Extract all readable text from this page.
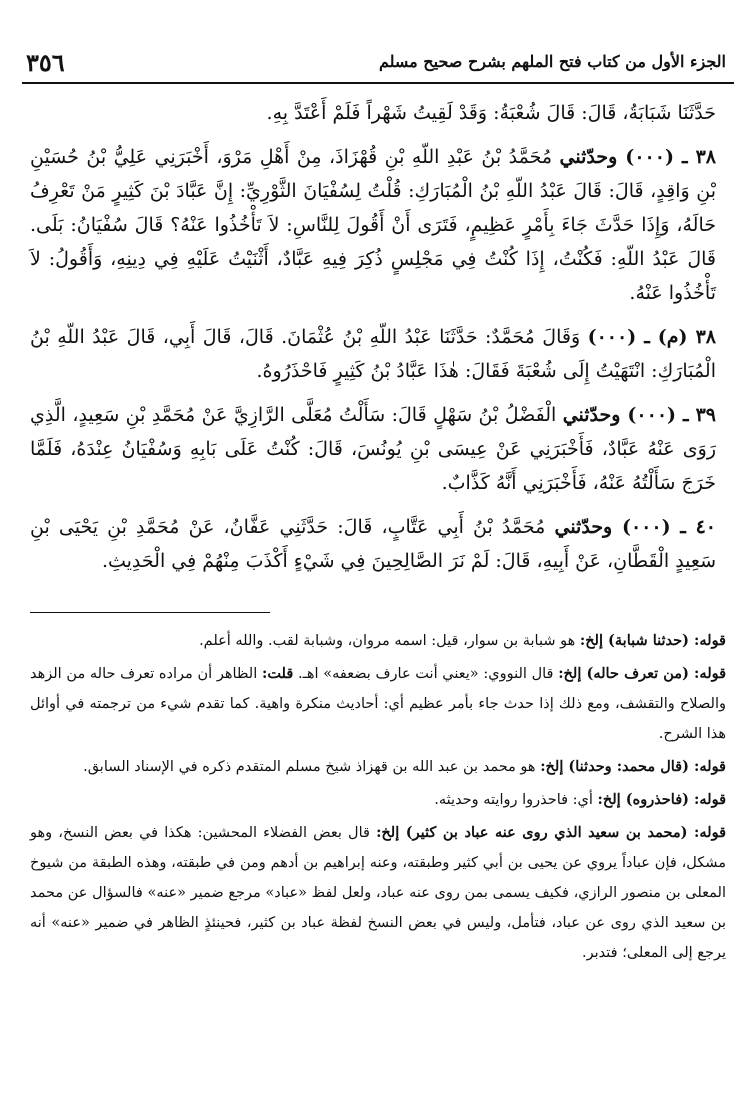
الجزء الأول من كتاب فتح الملهم بشرح صحيح مسلم
٣٥٦

حَدَّثَنَا شَبَابَةُ، قَالَ: قَالَ شُعْبَةُ: وَقَدْ لَقِيتُ شَهْراً فَلَمْ أَعْتَدَّ بِهِ.

٣٨ ـ (٠٠٠) وحدّثني مُحَمَّدُ بْنُ عَبْدِ اللّهِ بْنِ قُهْزَاذَ، مِنْ أَهْلِ مَرْوَ، أَخْبَرَنِي عَلِيُّ بْنُ حُسَيْنِ بْنِ وَاقِدٍ، قَالَ: قَالَ عَبْدُ اللّهِ بْنُ الْمُبَارَكِ: قُلْتُ لِسُفْيَانَ الثَّوْرِيِّ: إِنَّ عَبَّادَ بْنَ كَثِيرٍ مَنْ تَعْرِفُ حَالَهُ، وَإِذَا حَدَّثَ جَاءَ بِأَمْرٍ عَظِيمٍ، فَتَرَى أَنْ أَقُولَ لِلنَّاسِ: لاَ تَأْخُذُوا عَنْهُ؟ قَالَ سُفْيَانُ: بَلَى. قَالَ عَبْدُ اللّهِ: فَكُنْتُ، إِذَا كُنْتُ فِي مَجْلِسٍ ذُكِرَ فِيهِ عَبَّادٌ، أَثْنَيْتُ عَلَيْهِ فِي دِينِهِ، وَأَقُولُ: لاَ تَأْخُذُوا عَنْهُ.

٣٨ (م) ـ (٠٠٠) وَقَالَ مُحَمَّدٌ: حَدَّثَنَا عَبْدُ اللّهِ بْنُ عُثْمَانَ. قَالَ، قَالَ أَبِي، قَالَ عَبْدُ اللّهِ بْنُ الْمُبَارَكِ: انْتَهَيْتُ إِلَى شُعْبَةَ فَقَالَ: هٰذَا عَبَّادُ بْنُ كَثِيرٍ فَاحْذَرُوهُ.

٣٩ ـ (٠٠٠) وحدّثني الْفَضْلُ بْنُ سَهْلٍ قَالَ: سَأَلْتُ مُعَلَّى الرَّازِيَّ عَنْ مُحَمَّدِ بْنِ سَعِيدٍ، الَّذِي رَوَى عَنْهُ عَبَّادٌ، فَأَخْبَرَنِي عَنْ عِيسَى بْنِ يُونُسَ، قَالَ: كُنْتُ عَلَى بَابِهِ وَسُفْيَانُ عِنْدَهُ، فَلَمَّا خَرَجَ سَأَلْتُهُ عَنْهُ، فَأَخْبَرَنِي أَنَّهُ كَذَّابٌ.

٤٠ ـ (٠٠٠) وحدّثني مُحَمَّدُ بْنُ أَبِي عَتَّابٍ، قَالَ: حَدَّثَنِي عَفَّانُ، عَنْ مُحَمَّدِ بْنِ يَحْيَى بْنِ سَعِيدٍ الْقَطَّانِ، عَنْ أَبِيهِ، قَالَ: لَمْ نَرَ الصَّالِحِينَ فِي شَيْءٍ أَكْذَبَ مِنْهُمْ فِي الْحَدِيثِ.

قوله: (حدثنا شبابة) إلخ: هو شبابة بن سوار، قيل: اسمه مروان، وشبابة لقب. والله أعلم.

قوله: (من تعرف حاله) إلخ: قال النووي: «يعني أنت عارف بضعفه» اهـ. قلت: الظاهر أن مراده تعرف حاله من الزهد والصلاح والتقشف، ومع ذلك إذا حدث جاء بأمر عظيم أي: أحاديث منكرة واهية. كما تقدم شيء من ترجمته في أوائل هذا الشرح.

قوله: (قال محمد: وحدثنا) إلخ: هو محمد بن عبد الله بن قهزاذ شيخ مسلم المتقدم ذكره في الإسناد السابق.

قوله: (فاحذروه) إلخ: أي: فاحذروا روايته وحديثه.

قوله: (محمد بن سعيد الذي روى عنه عباد بن كثير) إلخ: قال بعض الفضلاء المحشين: هكذا في بعض النسخ، وهو مشكل، فإن عباداً يروي عن يحيى بن أبي كثير وطبقته، وعنه إبراهيم بن أدهم ومن في طبقته، وهذه الطبقة من شيوخ المعلى بن منصور الرازي، فكيف يسمى بمن روى عنه عباد، ولعل لفظ «عباد» مرجع ضمير «عنه» فالسؤال عن محمد بن سعيد الذي روى عن عباد، فتأمل، وليس في بعض النسخ لفظة عباد بن كثير، فحينئذٍ الظاهر في ضمير «عنه» أنه يرجع إلى المعلى؛ فتدبر.
